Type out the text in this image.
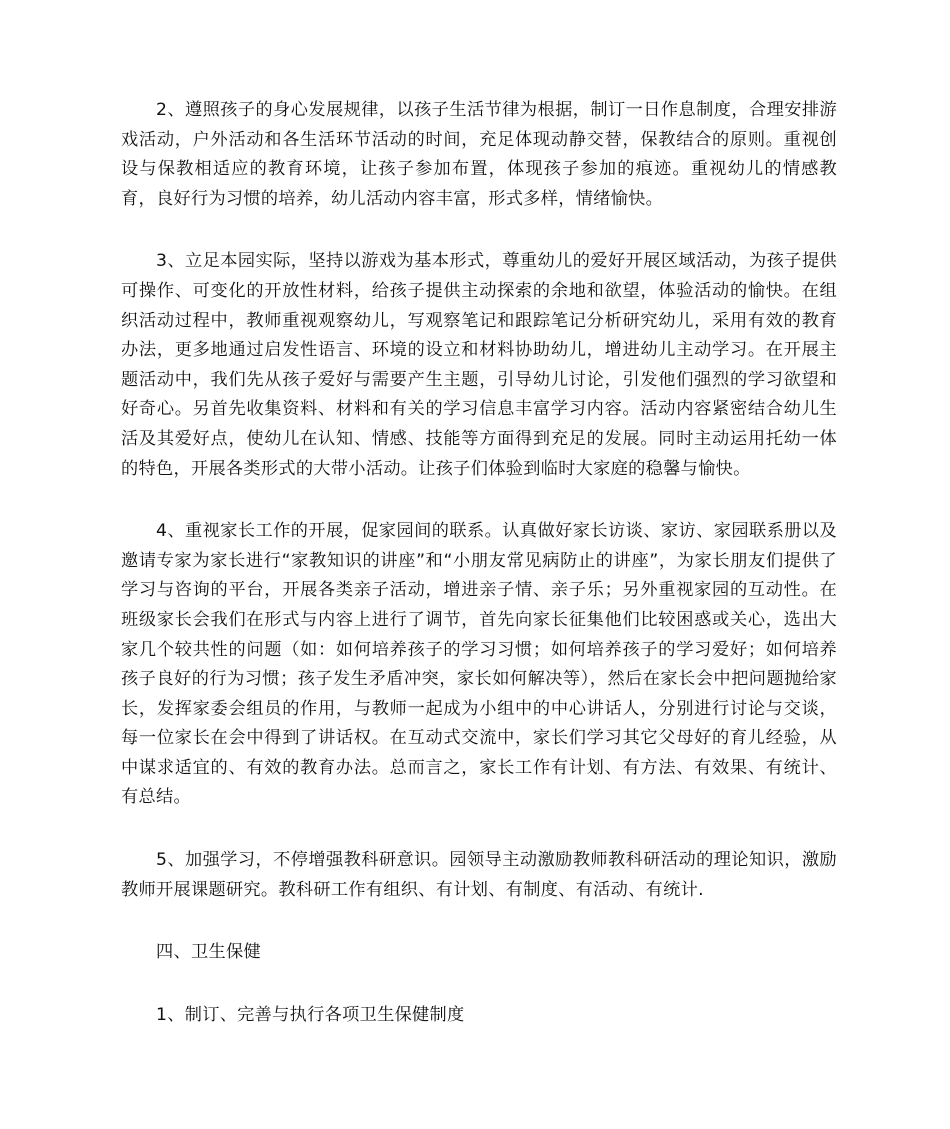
2、遵照孩子的身心发展规律，以孩子生活节律为根据，制订一日作息制度，合理安排游戏活动，户外活动和各生活环节活动的时间，充足体现动静交替，保教结合的原则。重视创设与保教相适应的教育环境，让孩子参加布置，体现孩子参加的痕迹。重视幼儿的情感教育，良好行为习惯的培养，幼儿活动内容丰富，形式多样，情绪愉快。

3、立足本园实际，坚持以游戏为基本形式，尊重幼儿的爱好开展区域活动，为孩子提供可操作、可变化的开放性材料，给孩子提供主动探索的余地和欲望，体验活动的愉快。在组织活动过程中，教师重视观察幼儿，写观察笔记和跟踪笔记分析研究幼儿，采用有效的教育办法，更多地通过启发性语言、环境的设立和材料协助幼儿，增进幼儿主动学习。在开展主题活动中，我们先从孩子爱好与需要产生主题，引导幼儿讨论，引发他们强烈的学习欲望和好奇心。另首先收集资料、材料和有关的学习信息丰富学习内容。活动内容紧密结合幼儿生活及其爱好点，使幼儿在认知、情感、技能等方面得到充足的发展。同时主动运用托幼一体的特色，开展各类形式的大带小活动。让孩子们体验到临时大家庭的稳馨与愉快。

4、重视家长工作的开展，促家园间的联系。认真做好家长访谈、家访、家园联系册以及邀请专家为家长进行“家教知识的讲座”和“小朋友常见病防止的讲座”，为家长朋友们提供了学习与咨询的平台，开展各类亲子活动，增进亲子情、亲子乐；另外重视家园的互动性。在班级家长会我们在形式与内容上进行了调节，首先向家长征集他们比较困惑或关心，选出大家几个较共性的问题（如：如何培养孩子的学习习惯；如何培养孩子的学习爱好；如何培养孩子良好的行为习惯；孩子发生矛盾冲突，家长如何解决等），然后在家长会中把问题抛给家长，发挥家委会组员的作用，与教师一起成为小组中的中心讲话人，分别进行讨论与交谈，每一位家长在会中得到了讲话权。在互动式交流中，家长们学习其它父母好的育儿经验，从中谋求适宜的、有效的教育办法。总而言之，家长工作有计划、有方法、有效果、有统计、有总结。

5、加强学习，不停增强教科研意识。园领导主动激励教师教科研活动的理论知识，激励教师开展课题研究。教科研工作有组织、有计划、有制度、有活动、有统计.

四、卫生保健

1、制订、完善与执行各项卫生保健制度
